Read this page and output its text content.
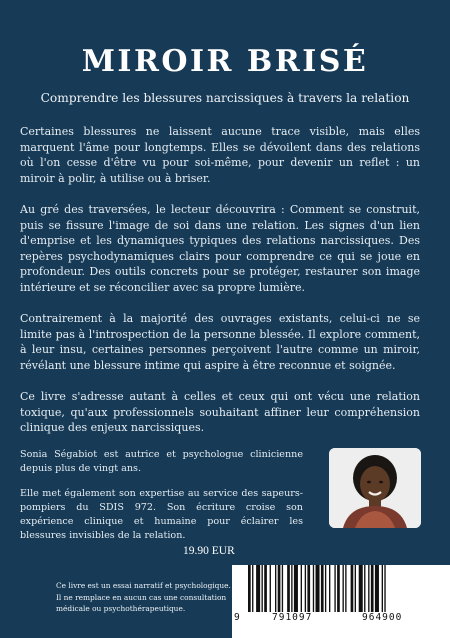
MIROIR BRISÉ
Comprendre les blessures narcissiques à travers la relation

Certaines blessures ne laissent aucune trace visible, mais elles marquent l'âme pour longtemps. Elles se dévoilent dans des relations où l'on cesse d'être vu pour soi-même, pour devenir un reflet : un miroir à polir, à utilise ou à briser.

Au gré des traversées, le lecteur découvrira : Comment se construit, puis se fissure l'image de soi dans une relation. Les signes d'un lien d'emprise et les dynamiques typiques des relations narcissiques. Des repères psychodynamiques clairs pour comprendre ce qui se joue en profondeur. Des outils concrets pour se protéger, restaurer son image intérieure et se réconcilier avec sa propre lumière.

Contrairement à la majorité des ouvrages existants, celui-ci ne se limite pas à l'introspection de la personne blessée. Il explore comment, à leur insu, certaines personnes perçoivent l'autre comme un miroir, révélant une blessure intime qui aspire à être reconnue et soignée.

Ce livre s'adresse autant à celles et ceux qui ont vécu une relation toxique, qu'aux professionnels souhaitant affiner leur compréhension clinique des enjeux narcissiques.

Sonia Ségabiot est autrice et psychologue clinicienne depuis plus de vingt ans.

Elle met également son expertise au service des sapeurs-pompiers du SDIS 972. Son écriture croise son expérience clinique et humaine pour éclairer les blessures invisibles de la relation.

19.90 EUR
Ce livre est un essai narratif et psychologique.
Il ne remplace en aucun cas une consultation
médicale ou psychothérapeutique.
9	791097	964900
